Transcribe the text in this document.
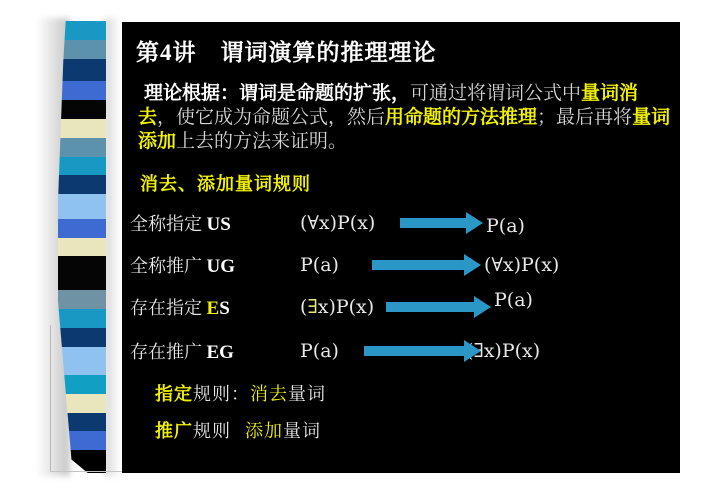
第4讲　谓词演算的推理理论
理论根据：谓词是命题的扩张，可通过将谓词公式中量词消去，使它成为命题公式，然后用命题的方法推理；最后再将量词添加上去的方法来证明。
消去、添加量词规则
全称指定 US	(∀x)P(x)	P(a)
全称推广 UG	P(a)	(∀x)P(x)
存在指定 ES	(∃x)P(x)	P(a)
存在推广 EG	P(a)	(∃x)P(x)
指定规则：消去量词
推广规则 添加量词
